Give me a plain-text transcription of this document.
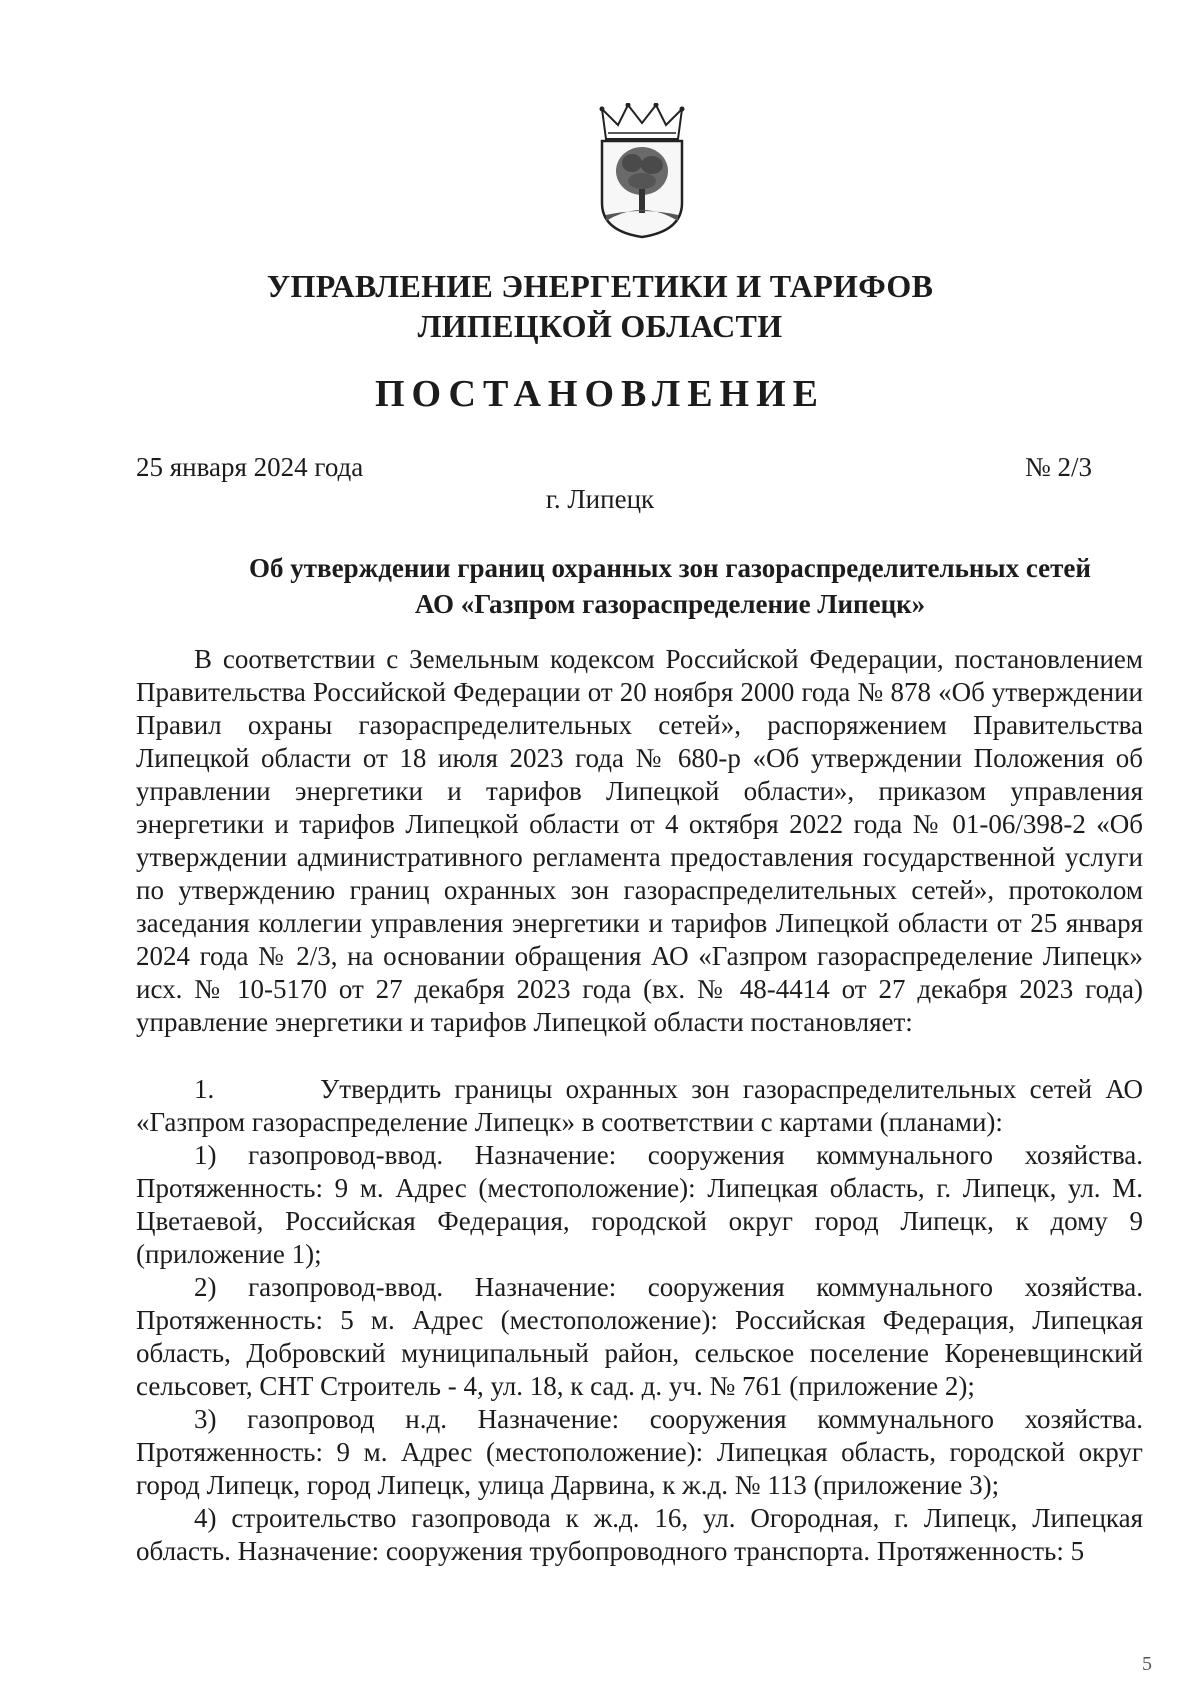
УПРАВЛЕНИЕ ЭНЕРГЕТИКИ И ТАРИФОВ
ЛИПЕЦКОЙ ОБЛАСТИ
ПОСТАНОВЛЕНИЕ
25 января 2024 года	№ 2/3
г. Липецк
Об утверждении границ охранных зон газораспределительных сетей
АО «Газпром газораспределение Липецк»

В соответствии с Земельным кодексом Российской Федерации, постановлением Правительства Российской Федерации от 20 ноября 2000 года № 878 «Об утверждении Правил охраны газораспределительных сетей», распоряжением Правительства Липецкой области от 18 июля 2023 года № 680-р «Об утверждении Положения об управлении энергетики и тарифов Липецкой области», приказом управления энергетики и тарифов Липецкой области от 4 октября 2022 года № 01-06/398-2 «Об утверждении административного регламента предоставления государственной услуги по утверждению границ охранных зон газораспределительных сетей», протоколом заседания коллегии управления энергетики и тарифов Липецкой области от 25 января 2024 года № 2/3, на основании обращения АО «Газпром газораспределение Липецк» исх. № 10-5170 от 27 декабря 2023 года (вх. № 48-4414 от 27 декабря 2023 года) управление энергетики и тарифов Липецкой области постановляет:

1.        Утвердить границы охранных зон газораспределительных сетей АО «Газпром газораспределение Липецк» в соответствии с картами (планами):

1) газопровод-ввод. Назначение: сооружения коммунального хозяйства. Протяженность: 9 м. Адрес (местоположение): Липецкая область, г. Липецк, ул. М. Цветаевой, Российская Федерация, городской округ город Липецк, к дому 9 (приложение 1);

2) газопровод-ввод. Назначение: сооружения коммунального хозяйства. Протяженность: 5 м. Адрес (местоположение): Российская Федерация, Липецкая область, Добровский муниципальный район, сельское поселение Кореневщинский сельсовет, СНТ Строитель - 4, ул. 18, к сад. д. уч. № 761 (приложение 2);

3) газопровод н.д. Назначение: сооружения коммунального хозяйства. Протяженность: 9 м. Адрес (местоположение): Липецкая область, городской округ город Липецк, город Липецк, улица Дарвина, к ж.д. № 113 (приложение 3);

4) строительство газопровода к ж.д. 16, ул. Огородная, г. Липецк, Липецкая область. Назначение: сооружения трубопроводного транспорта. Протяженность: 5

5
